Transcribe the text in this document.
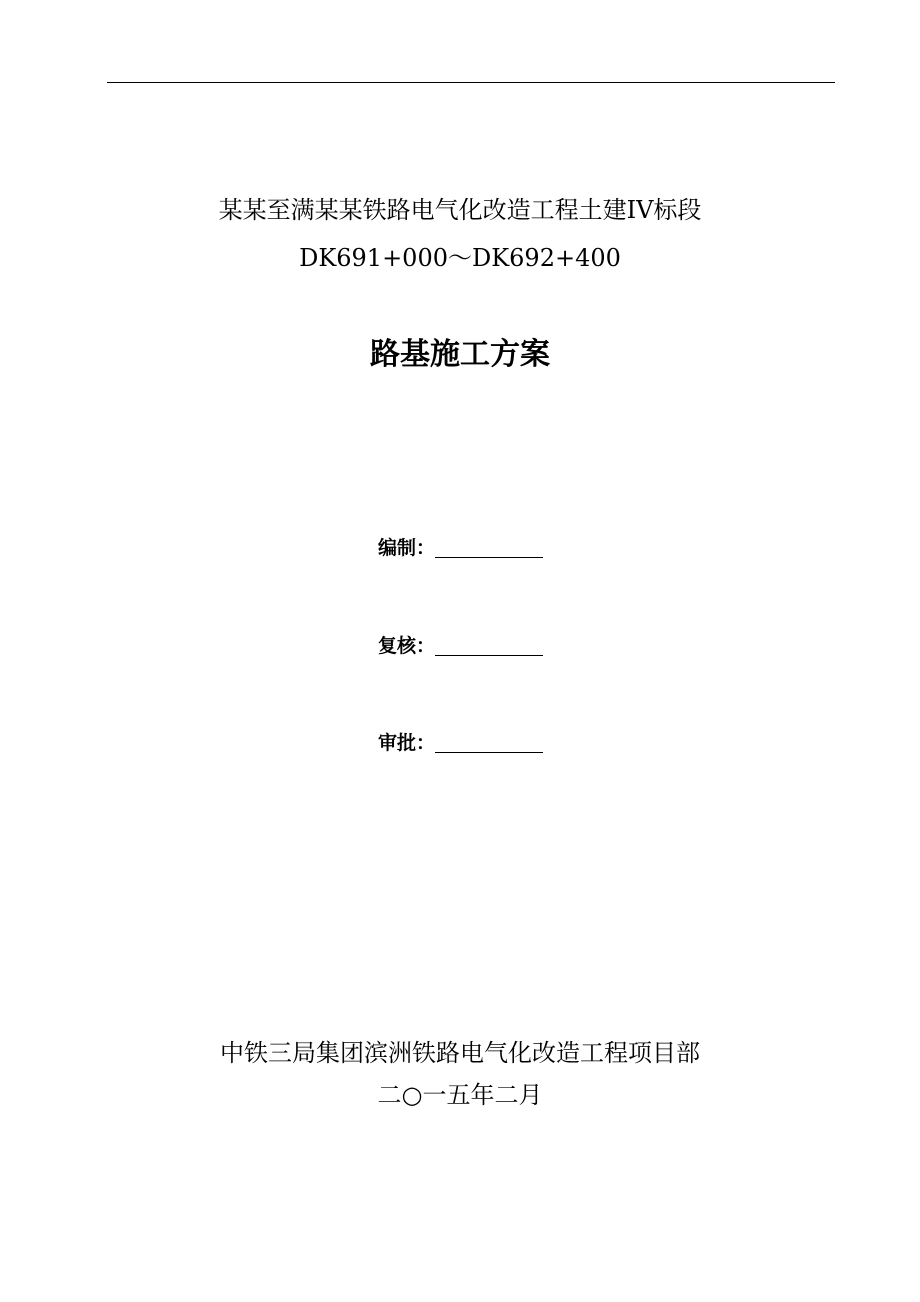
某某至满某某铁路电气化改造工程土建IV标段
DK691+000～DK692+400
路基施工方案
编制：
复核：
审批：
中铁三局集团滨洲铁路电气化改造工程项目部
二○一五年二月
